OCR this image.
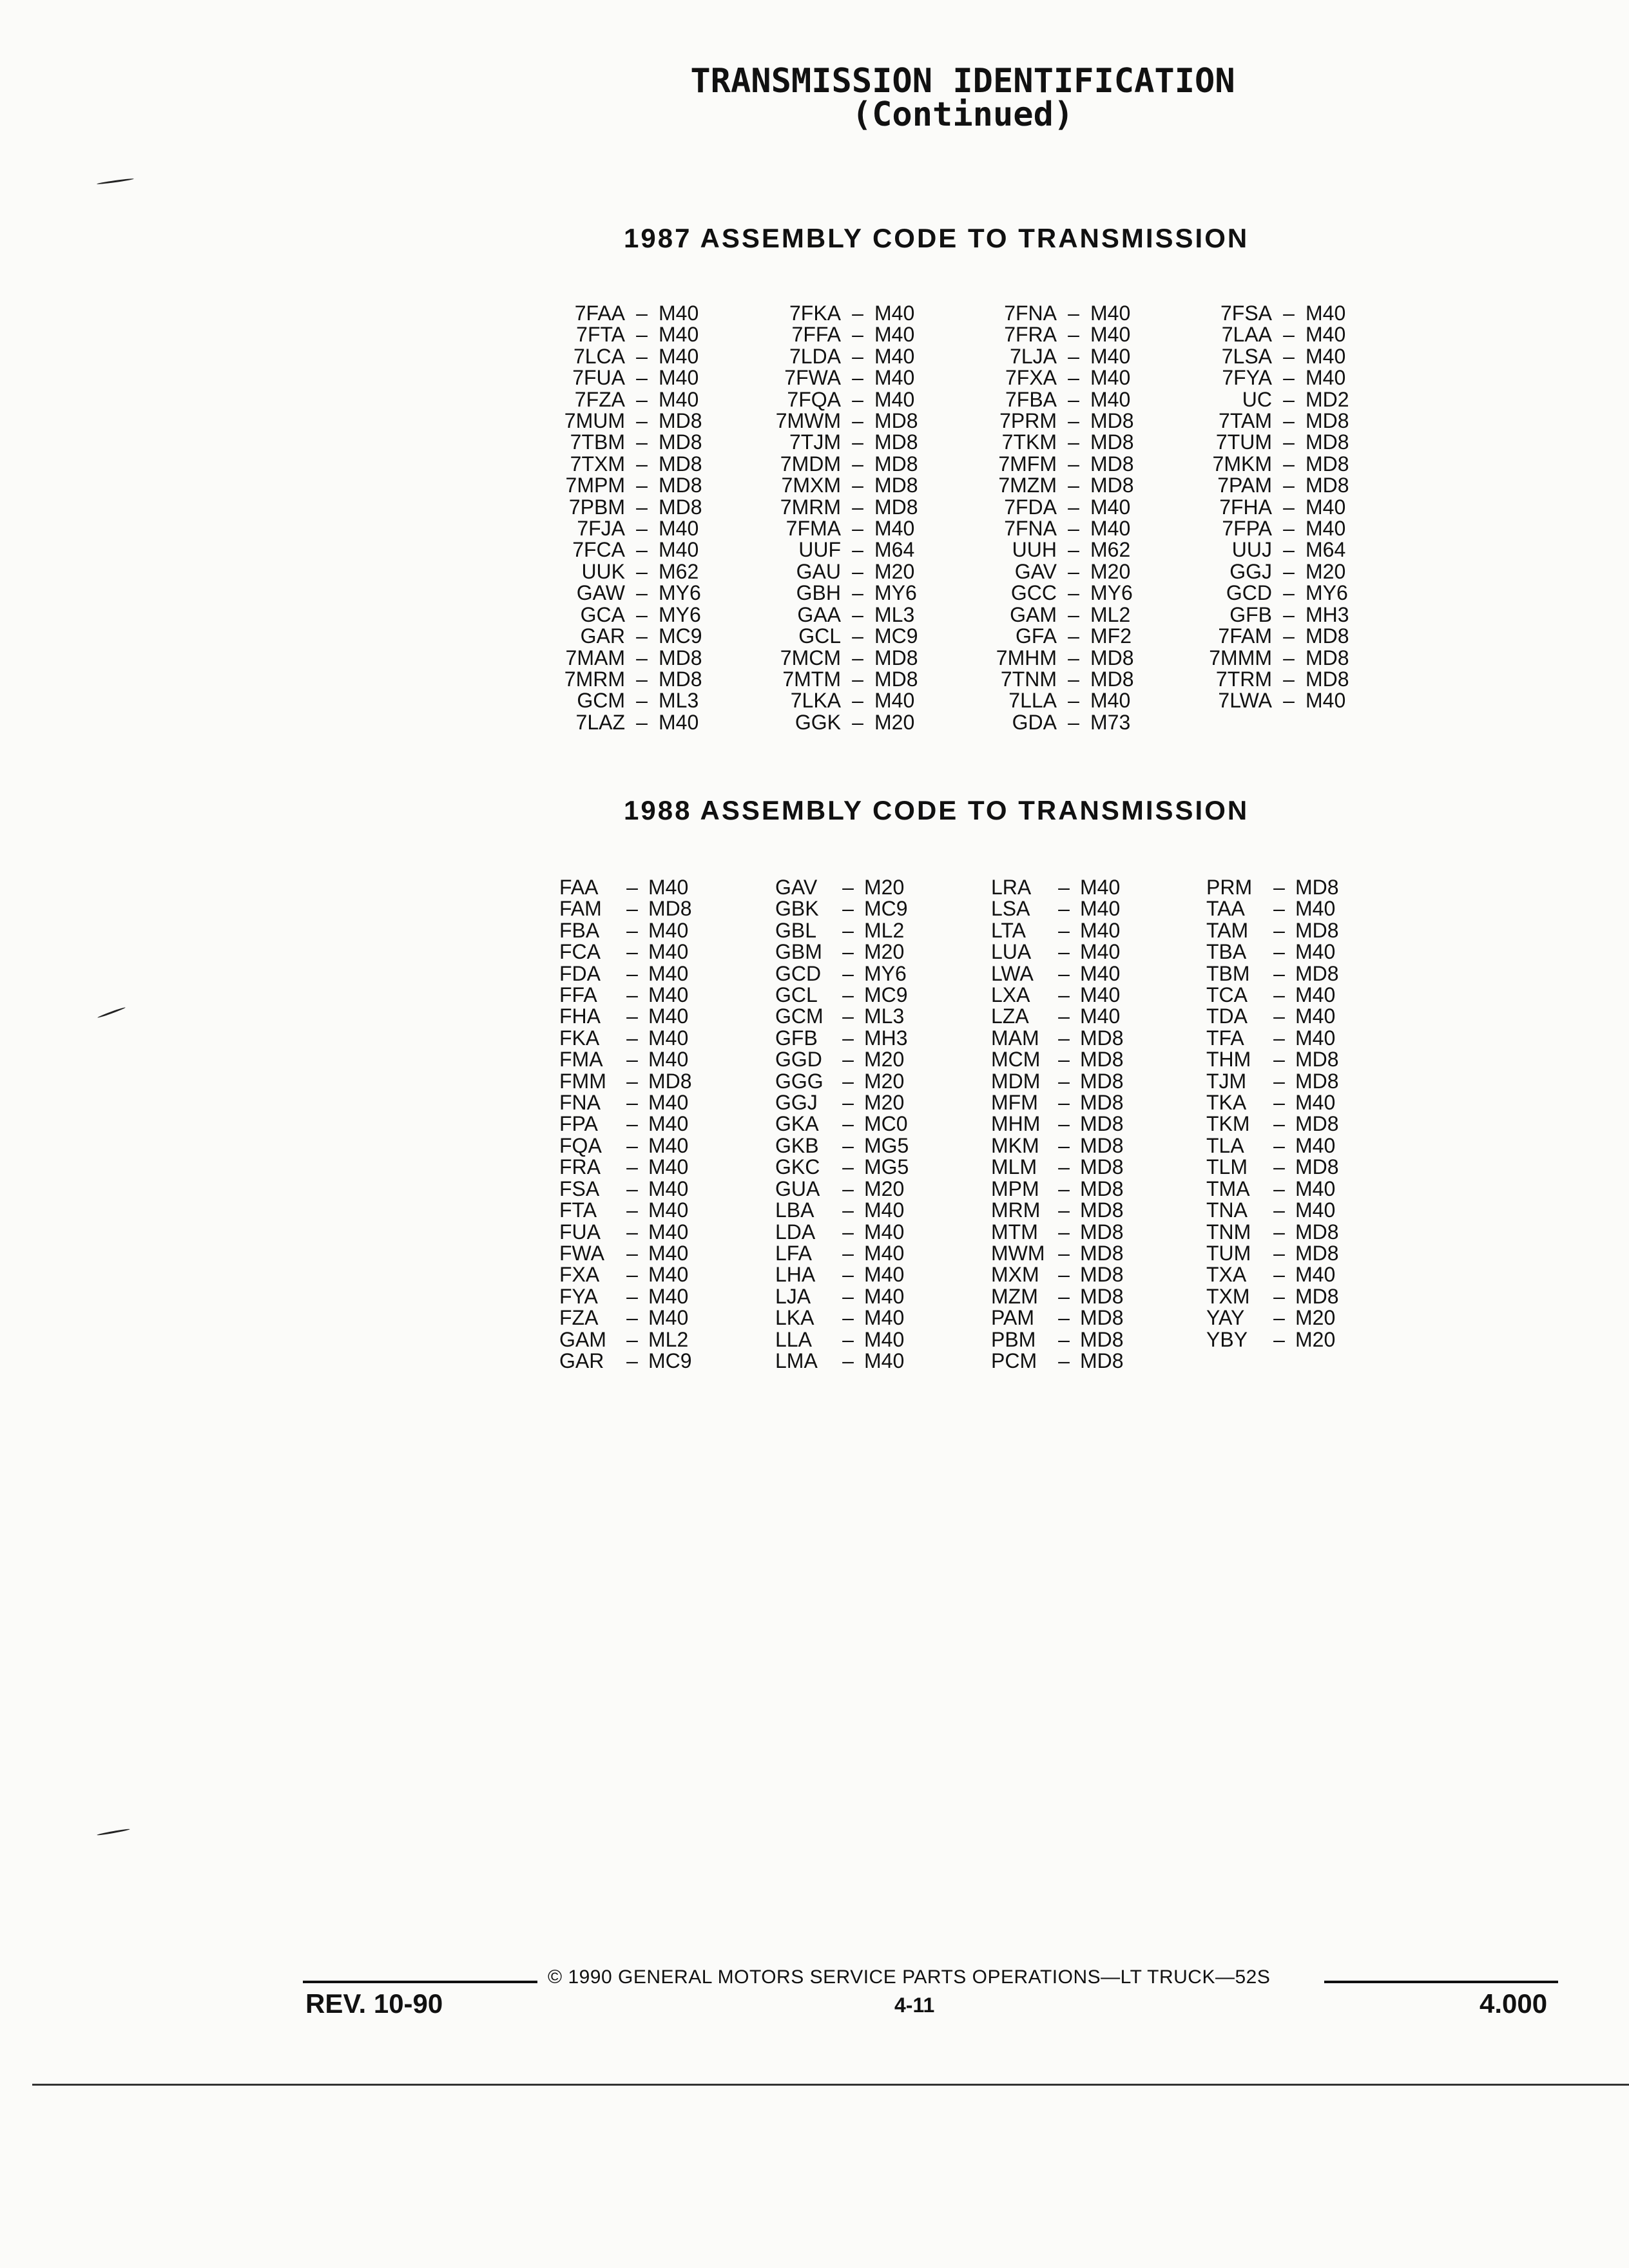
TRANSMISSION IDENTIFICATION
(Continued)
1987 ASSEMBLY CODE TO TRANSMISSION
7FAA – M40
7FTA – M40
7LCA – M40
7FUA – M40
7FZA – M40
7MUM – MD8
7TBM – MD8
7TXM – MD8
7MPM – MD8
7PBM – MD8
7FJA – M40
7FCA – M40
UUK – M62
GAW – MY6
GCA – MY6
GAR – MC9
7MAM – MD8
7MRM – MD8
GCM – ML3
7LAZ – M40
7FKA – M40
7FFA – M40
7LDA – M40
7FWA – M40
7FQA – M40
7MWM – MD8
7TJM – MD8
7MDM – MD8
7MXM – MD8
7MRM – MD8
7FMA – M40
UUF – M64
GAU – M20
GBH – MY6
GAA – ML3
GCL – MC9
7MCM – MD8
7MTM – MD8
7LKA – M40
GGK – M20
7FNA – M40
7FRA – M40
7LJA – M40
7FXA – M40
7FBA – M40
7PRM – MD8
7TKM – MD8
7MFM – MD8
7MZM – MD8
7FDA – M40
7FNA – M40
UUH – M62
GAV – M20
GCC – MY6
GAM – ML2
GFA – MF2
7MHM – MD8
7TNM – MD8
7LLA – M40
GDA – M73
7FSA – M40
7LAA – M40
7LSA – M40
7FYA – M40
UC – MD2
7TAM – MD8
7TUM – MD8
7MKM – MD8
7PAM – MD8
7FHA – M40
7FPA – M40
UUJ – M64
GGJ – M20
GCD – MY6
GFB – MH3
7FAM – MD8
7MMM – MD8
7TRM – MD8
7LWA – M40
1988 ASSEMBLY CODE TO TRANSMISSION
FAA	– M40
FAM	– MD8
FBA	– M40
FCA	– M40
FDA	– M40
FFA	– M40
FHA	– M40
FKA	– M40
FMA	– M40
FMM – MD8
FNA	– M40
FPA	– M40
FQA	– M40
FRA	– M40
FSA	– M40
FTA	– M40
FUA	– M40
FWA	– M40
FXA	– M40
FYA	– M40
FZA	– M40
GAM – ML2
GAR	– MC9
GAV	– M20
GBK	– MC9
GBL	– ML2
GBM – M20
GCD	– MY6
GCL	– MC9
GCM – ML3
GFB	– MH3
GGD – M20
GGG – M20
GGJ	– M20
GKA	– MC0
GKB	– MG5
GKC	– MG5
GUA	– M20
LBA	– M40
LDA	– M40
LFA	– M40
LHA	– M40
LJA	– M40
LKA	– M40
LLA	– M40
LMA	– M40
LRA	– M40
LSA	– M40
LTA	– M40
LUA	– M40
LWA	– M40
LXA	– M40
LZA	– M40
MAM – MD8
MCM – MD8
MDM – MD8
MFM – MD8
MHM – MD8
MKM – MD8
MLM	– MD8
MPM – MD8
MRM – MD8
MTM – MD8
MWM – MD8
MXM – MD8
MZM – MD8
PAM	– MD8
PBM	– MD8
PCM	– MD8
PRM	– MD8
TAA	– M40
TAM	– MD8
TBA	– M40
TBM	– MD8
TCA	– M40
TDA	– M40
TFA	– M40
THM	– MD8
TJM	– MD8
TKA	– M40
TKM	– MD8
TLA	– M40
TLM	– MD8
TMA	– M40
TNA	– M40
TNM	– MD8
TUM	– MD8
TXA	– M40
TXM	– MD8
YAY	– M20
YBY	– M20
© 1990 GENERAL MOTORS SERVICE PARTS OPERATIONS—LT TRUCK—52S
REV. 10-90	4-11	4.000
